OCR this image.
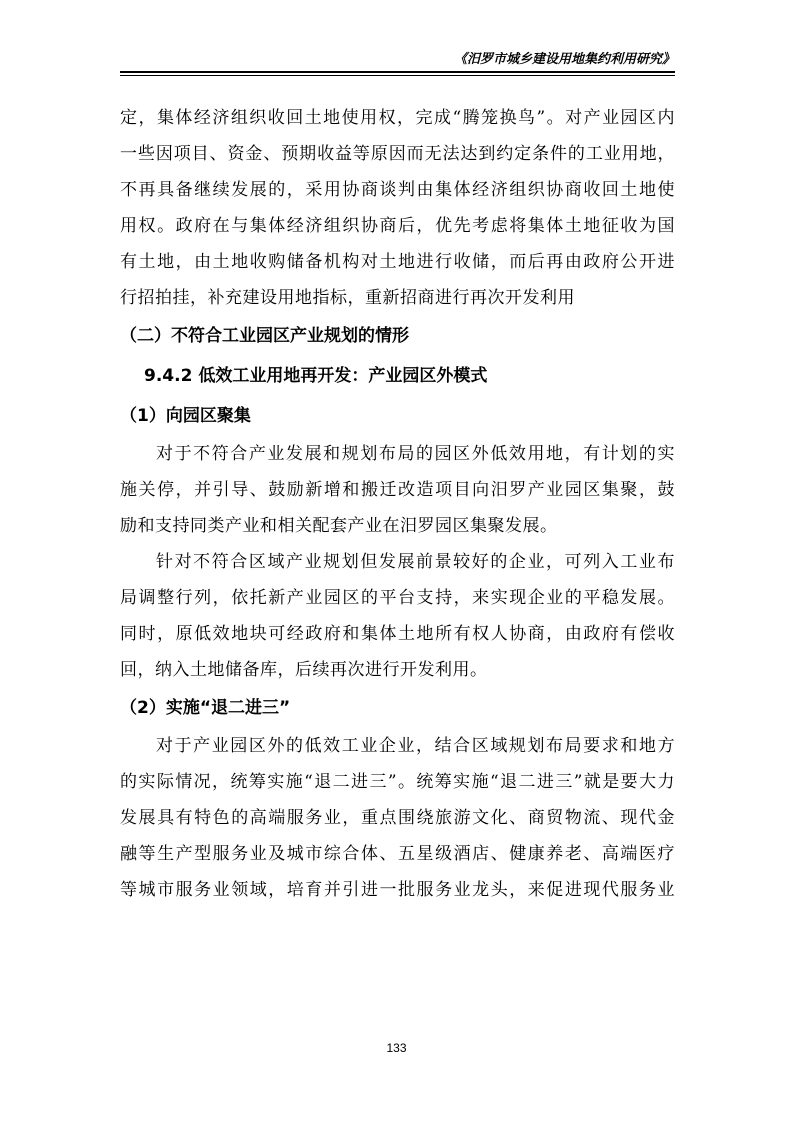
《汨罗市城乡建设用地集约利用研究》

定，集体经济组织收回土地使用权，完成“腾笼换鸟”。对产业园区内

一些因项目、资金、预期收益等原因而无法达到约定条件的工业用地，

不再具备继续发展的，采用协商谈判由集体经济组织协商收回土地使

用权。政府在与集体经济组织协商后，优先考虑将集体土地征收为国

有土地，由土地收购储备机构对土地进行收储，而后再由政府公开进

行招拍挂，补充建设用地指标，重新招商进行再次开发利用

（二）不符合工业园区产业规划的情形
9.4.2 低效工业用地再开发：产业园区外模式
（1）向园区聚集

对于不符合产业发展和规划布局的园区外低效用地，有计划的实

施关停，并引导、鼓励新增和搬迁改造项目向汨罗产业园区集聚，鼓

励和支持同类产业和相关配套产业在汨罗园区集聚发展。

针对不符合区域产业规划但发展前景较好的企业，可列入工业布

局调整行列，依托新产业园区的平台支持，来实现企业的平稳发展。

同时，原低效地块可经政府和集体土地所有权人协商，由政府有偿收

回，纳入土地储备库，后续再次进行开发利用。

（2）实施“退二进三”

对于产业园区外的低效工业企业，结合区域规划布局要求和地方

的实际情况，统筹实施“退二进三”。统筹实施“退二进三”就是要大力

发展具有特色的高端服务业，重点围绕旅游文化、商贸物流、现代金

融等生产型服务业及城市综合体、五星级酒店、健康养老、高端医疗

等城市服务业领域，培育并引进一批服务业龙头，来促进现代服务业

133
